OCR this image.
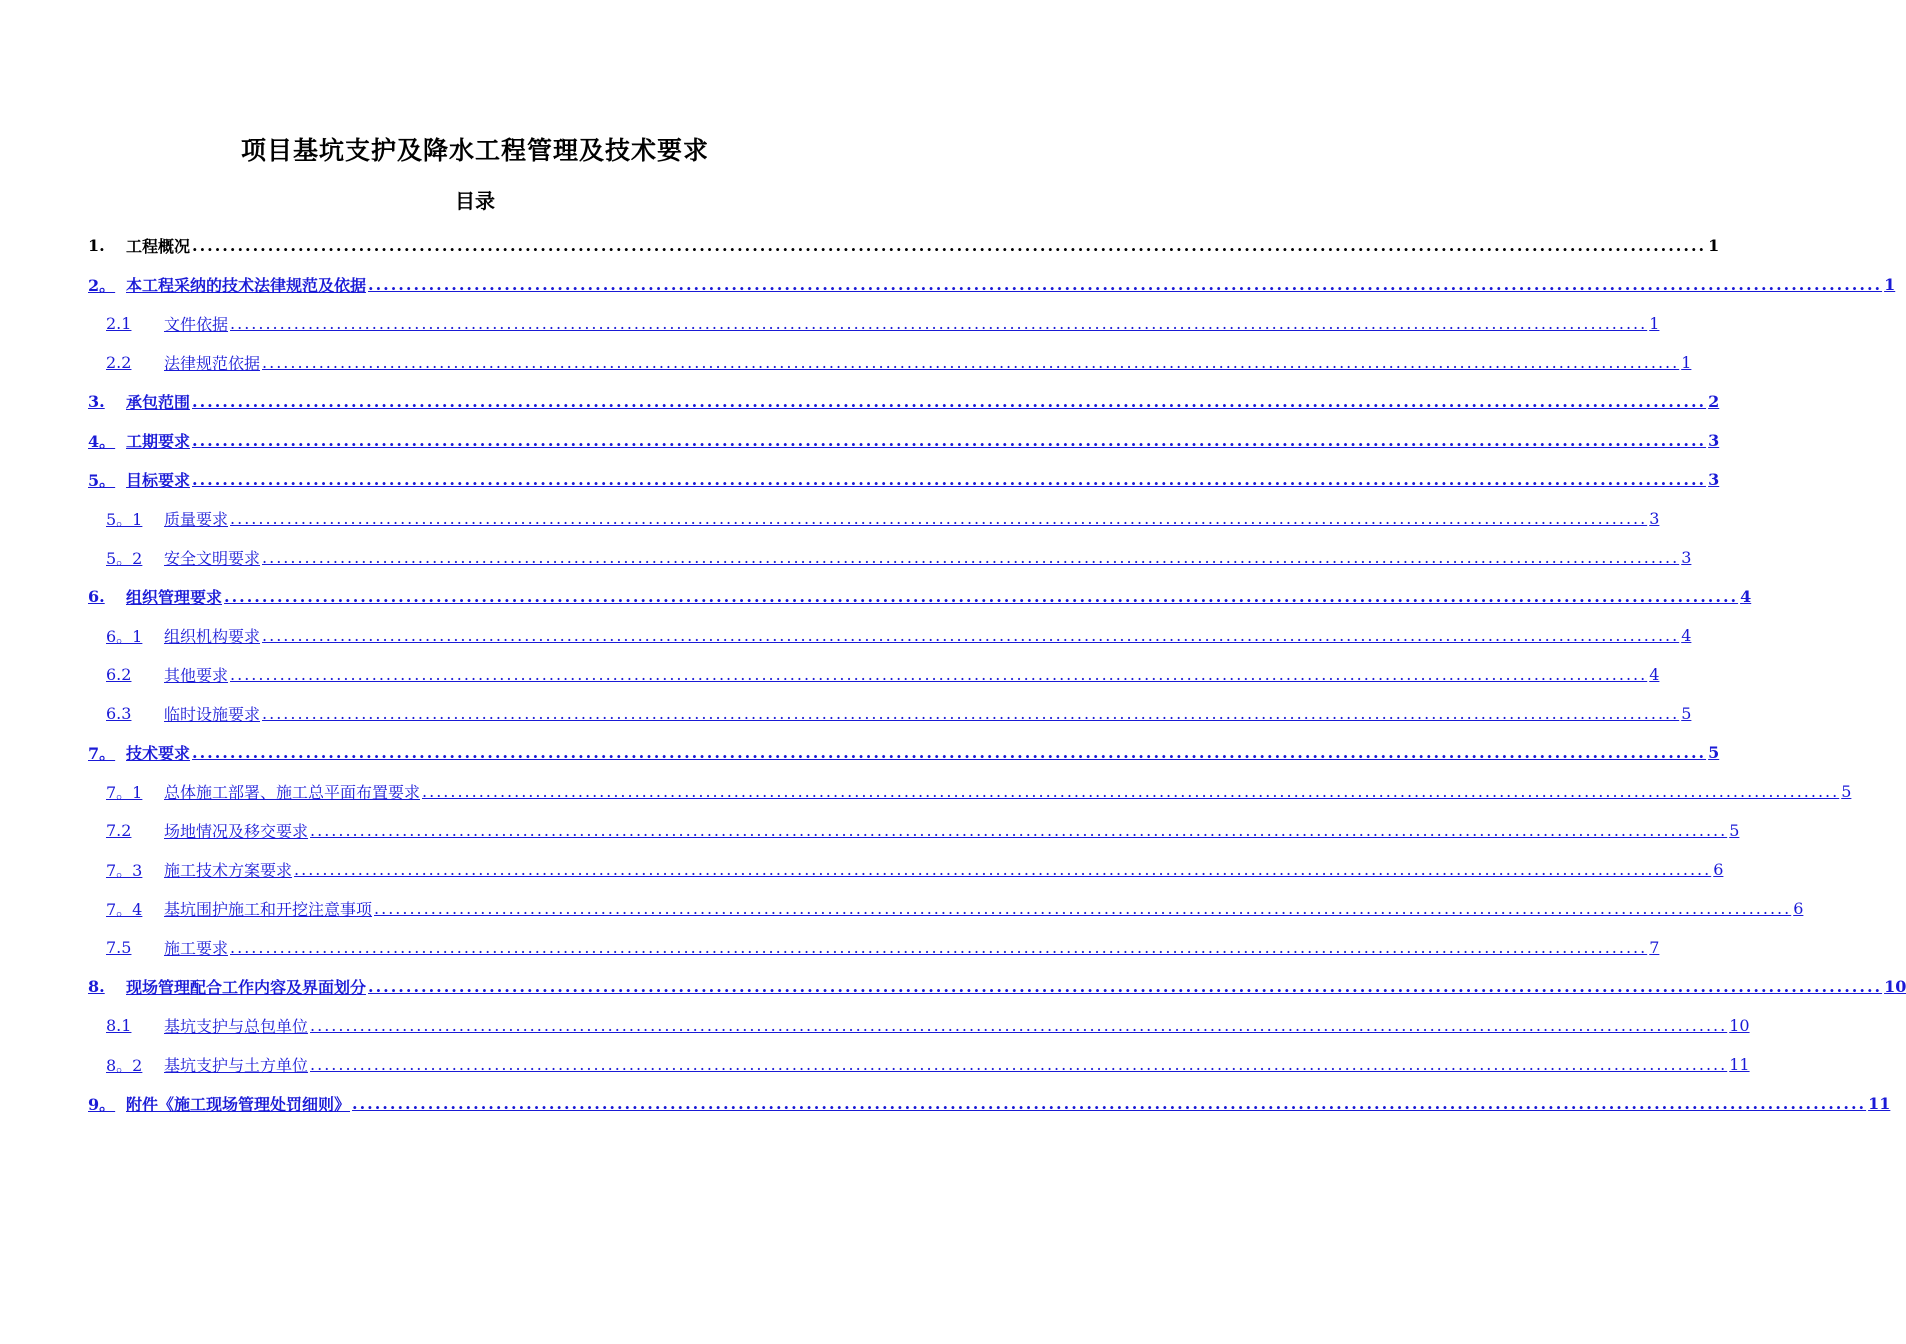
项目基坑支护及降水工程管理及技术要求
目录
1.	工程概况 ........................................................................................................................................................................................................ 1
2。 本工程采纳的技术法律规范及依据 ........................................................................................................................................................................................................ 1
2.1	文件依据 ........................................................................................................................................................................................................ 1
2.2	法律规范依据 ........................................................................................................................................................................................................ 1
3.	承包范围 ........................................................................................................................................................................................................ 2
4。 工期要求 ........................................................................................................................................................................................................ 3
5。 目标要求 ........................................................................................................................................................................................................ 3
5。1	质量要求 ........................................................................................................................................................................................................ 3
5。2	安全文明要求 ........................................................................................................................................................................................................ 3
6.	组织管理要求 ........................................................................................................................................................................................................ 4
6。1	组织机构要求 ........................................................................................................................................................................................................ 4
6.2	其他要求 ........................................................................................................................................................................................................ 4
6.3	临时设施要求 ........................................................................................................................................................................................................ 5
7。 技术要求 ........................................................................................................................................................................................................ 5
7。1	总体施工部署、施工总平面布置要求 ........................................................................................................................................................................................................ 5
7.2	场地情况及移交要求 ........................................................................................................................................................................................................ 5
7。3	施工技术方案要求 ........................................................................................................................................................................................................ 6
7。4	基坑围护施工和开挖注意事项 ........................................................................................................................................................................................................ 6
7.5	施工要求 ........................................................................................................................................................................................................ 7
8.	现场管理配合工作内容及界面划分 ........................................................................................................................................................................................................ 10
8.1	基坑支护与总包单位 ........................................................................................................................................................................................................ 10
8。2	基坑支护与土方单位 ........................................................................................................................................................................................................ 11
9。 附件《施工现场管理处罚细则》 ........................................................................................................................................................................................................ 11
